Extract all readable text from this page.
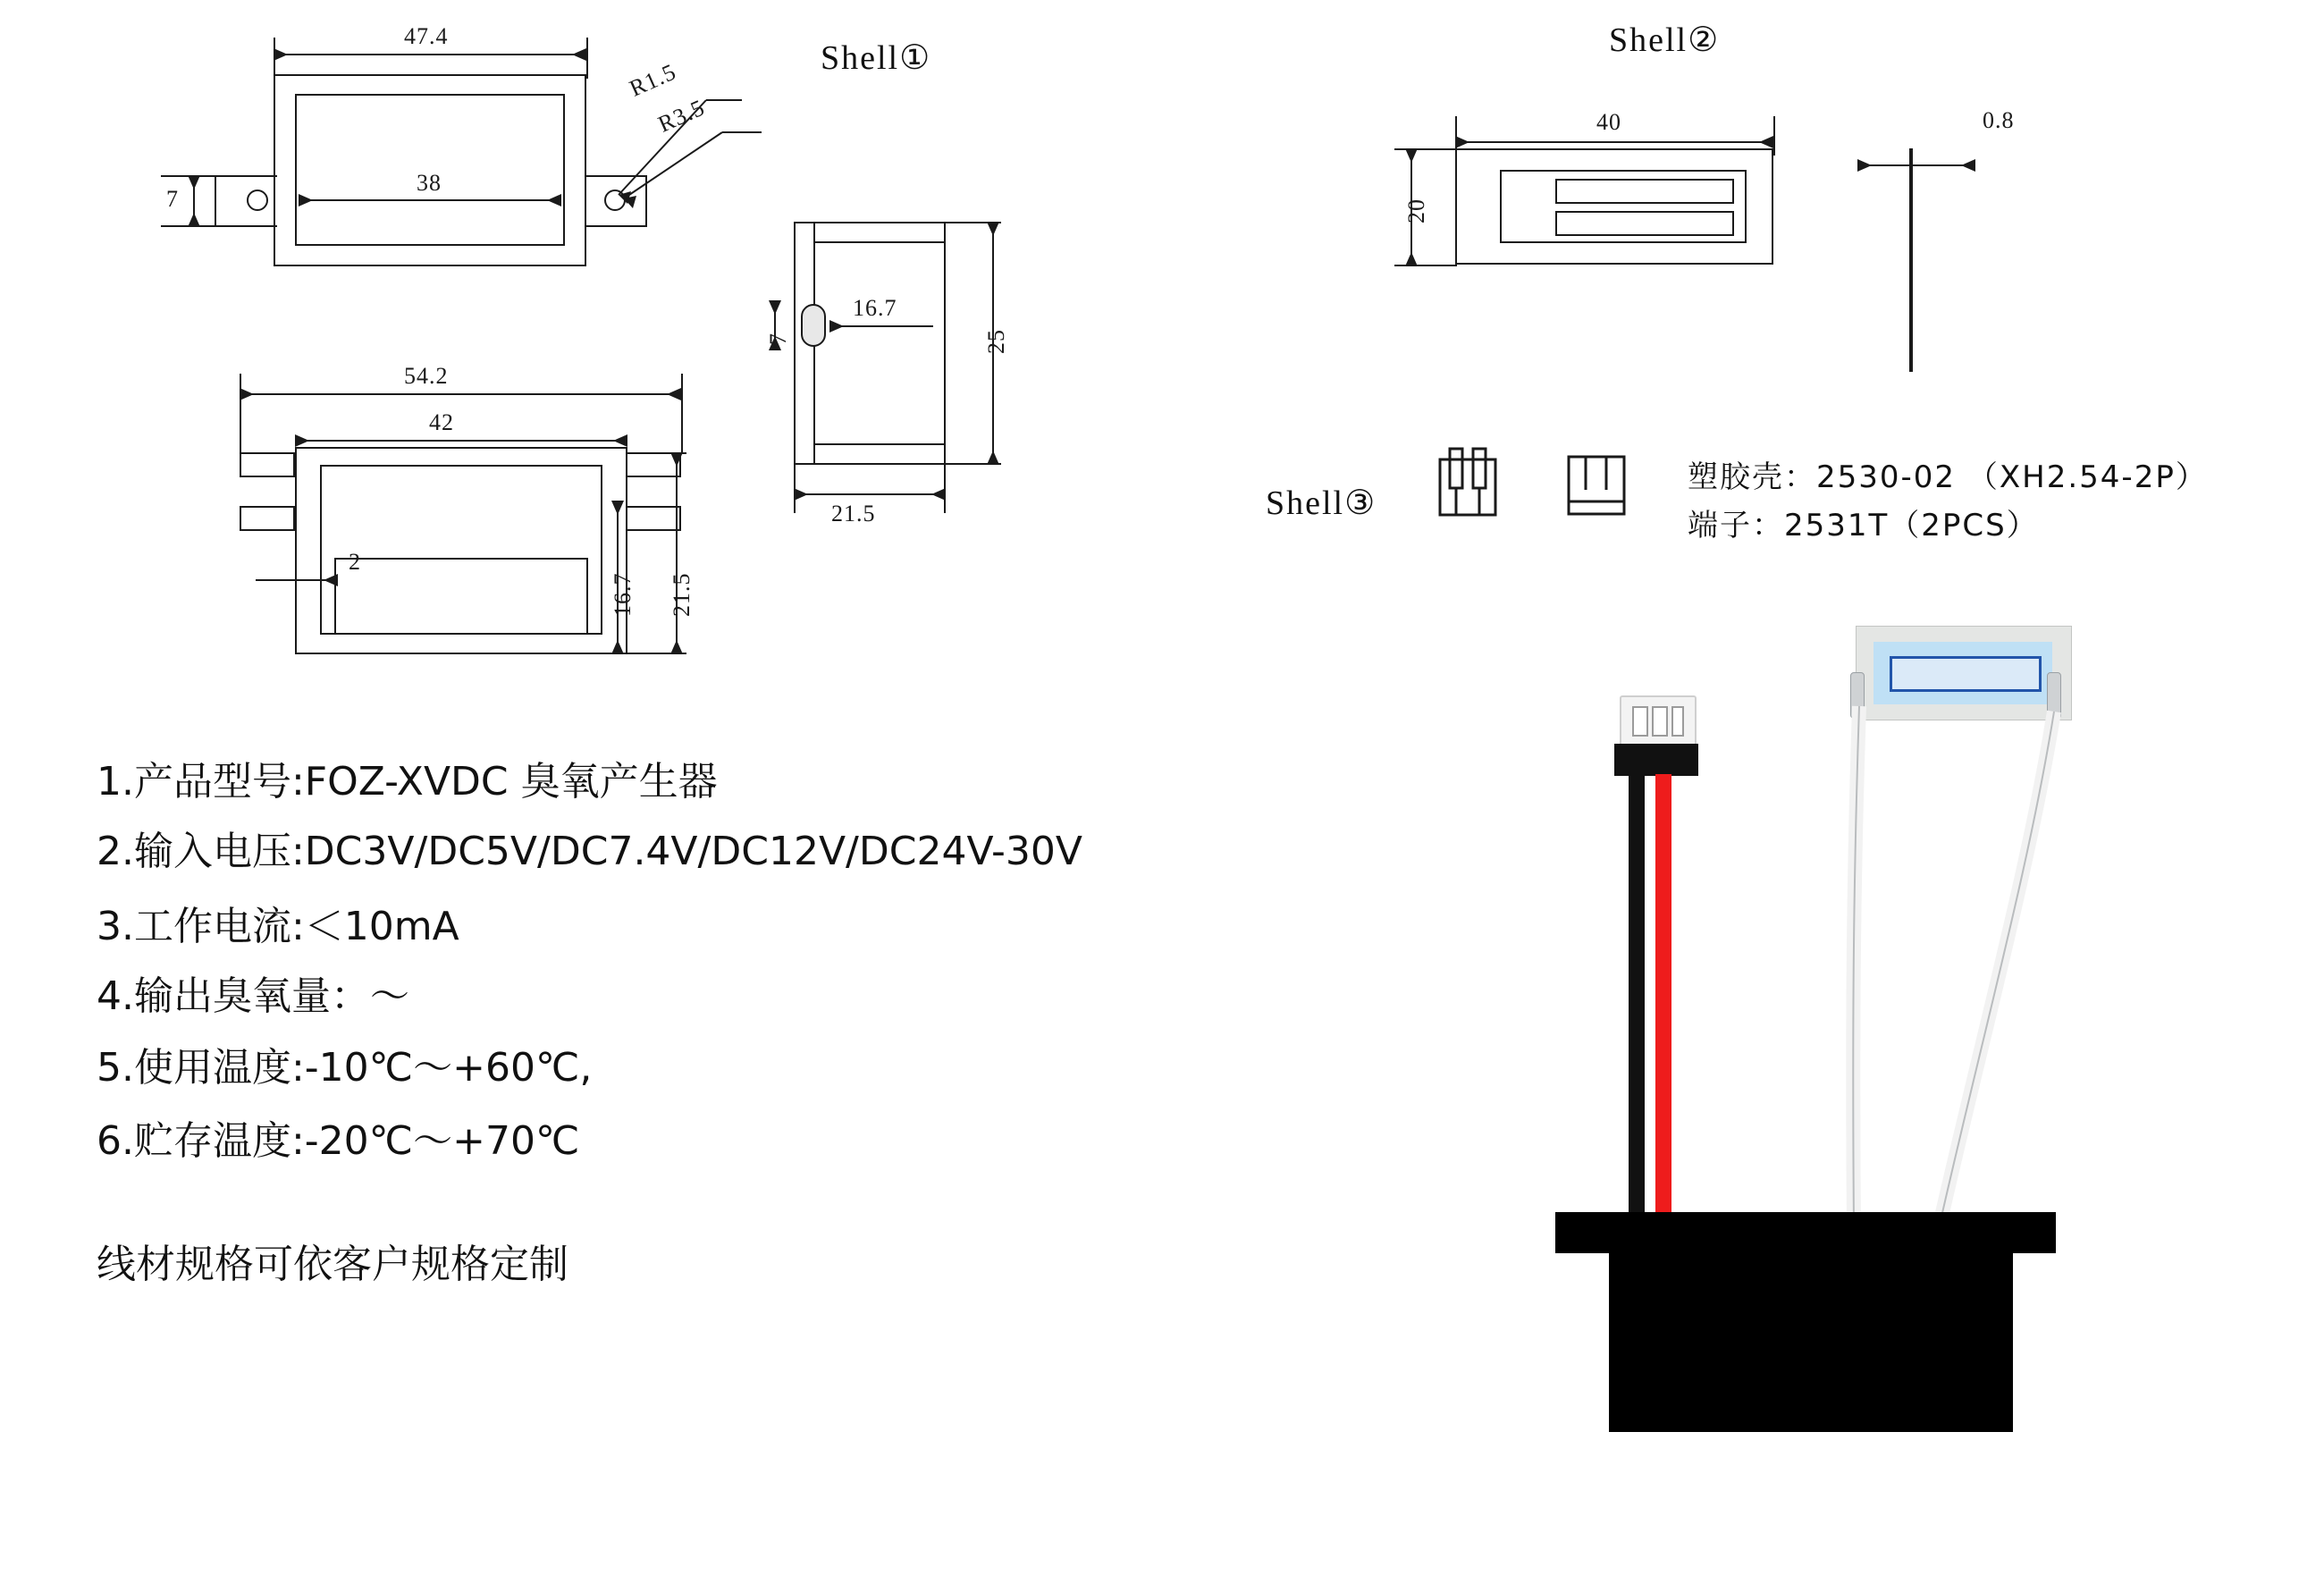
47.4
38
7
R1.5
R3.5
Shell①
16.7
7	25
21.5
54.2
42
2
16.7 21.5
Shell②
40
20
0.8
Shell③
塑胶壳：2530-02 （XH2.54-2P）
端子：2531T（2PCS）
1.产品型号:FOZ-XVDC 臭氧产生器
2.输入电压:DC3V/DC5V/DC7.4V/DC12V/DC24V-30V
3.工作电流:＜10mA
4.输出臭氧量：～
5.使用温度:-10℃～+60℃,
6.贮存温度:-20℃～+70℃
线材规格可依客户规格定制
